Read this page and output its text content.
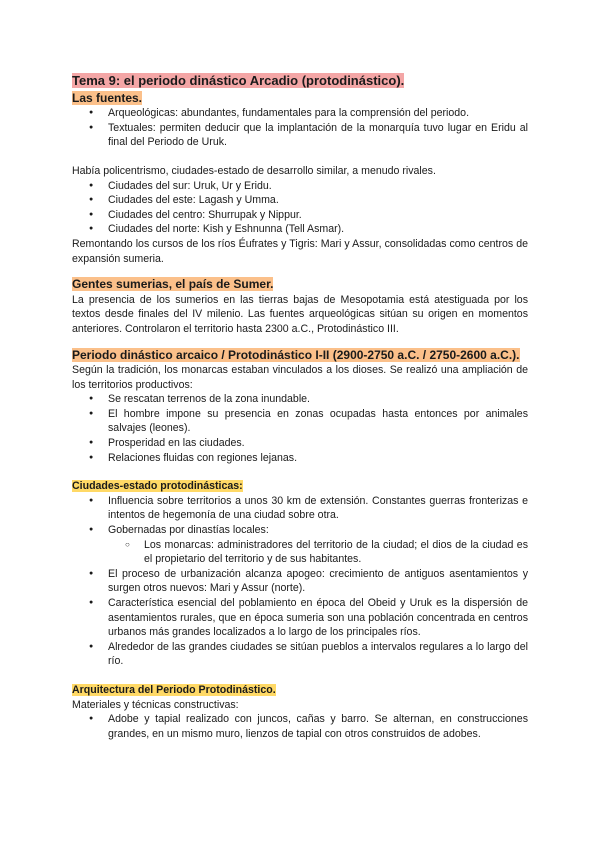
Tema 9: el periodo dinástico Arcadio (protodinástico).

Las fuentes.

● Arqueológicas: abundantes, fundamentales para la comprensión del periodo.
● Textuales: permiten deducir que la implantación de la monarquía tuvo lugar en Eridu al final del Periodo de Uruk.

Había policentrismo, ciudades-estado de desarrollo similar, a menudo rivales.

● Ciudades del sur: Uruk, Ur y Eridu.
● Ciudades del este: Lagash y Umma.
● Ciudades del centro: Shurrupak y Nippur.
● Ciudades del norte: Kish y Eshnunna (Tell Asmar).

Remontando los cursos de los ríos Éufrates y Tigris: Mari y Assur, consolidadas como centros de expansión sumeria.

Gentes sumerias, el país de Sumer.

La presencia de los sumerios en las tierras bajas de Mesopotamia está atestiguada por los textos desde finales del IV milenio. Las fuentes arqueológicas sitúan su origen en momentos anteriores. Controlaron el territorio hasta 2300 a.C., Protodinástico III.

Periodo dinástico arcaico / Protodinástico I-II (2900-2750 a.C. / 2750-2600 a.C.).

Según la tradición, los monarcas estaban vinculados a los dioses. Se realizó una ampliación de los territorios productivos:

● Se rescatan terrenos de la zona inundable.
● El hombre impone su presencia en zonas ocupadas hasta entonces por animales salvajes (leones).
● Prosperidad en las ciudades.
● Relaciones fluidas con regiones lejanas.

Ciudades-estado protodinásticas:

● Influencia sobre territorios a unos 30 km de extensión. Constantes guerras fronterizas e intentos de hegemonía de una ciudad sobre otra.
● Gobernadas por dinastías locales:
○ Los monarcas: administradores del territorio de la ciudad; el dios de la ciudad es el propietario del territorio y de sus habitantes.
● El proceso de urbanización alcanza apogeo: crecimiento de antiguos asentamientos y surgen otros nuevos: Mari y Assur (norte).
● Característica esencial del poblamiento en época del Obeid y Uruk es la dispersión de asentamientos rurales, que en época sumeria son una población concentrada en centros urbanos más grandes localizados a lo largo de los principales ríos.
● Alrededor de las grandes ciudades se sitúan pueblos a intervalos regulares a lo largo del río.

Arquitectura del Periodo Protodinástico.

Materiales y técnicas constructivas:

● Adobe y tapial realizado con juncos, cañas y barro. Se alternan, en construcciones grandes, en un mismo muro, lienzos de tapial con otros construidos de adobes.
